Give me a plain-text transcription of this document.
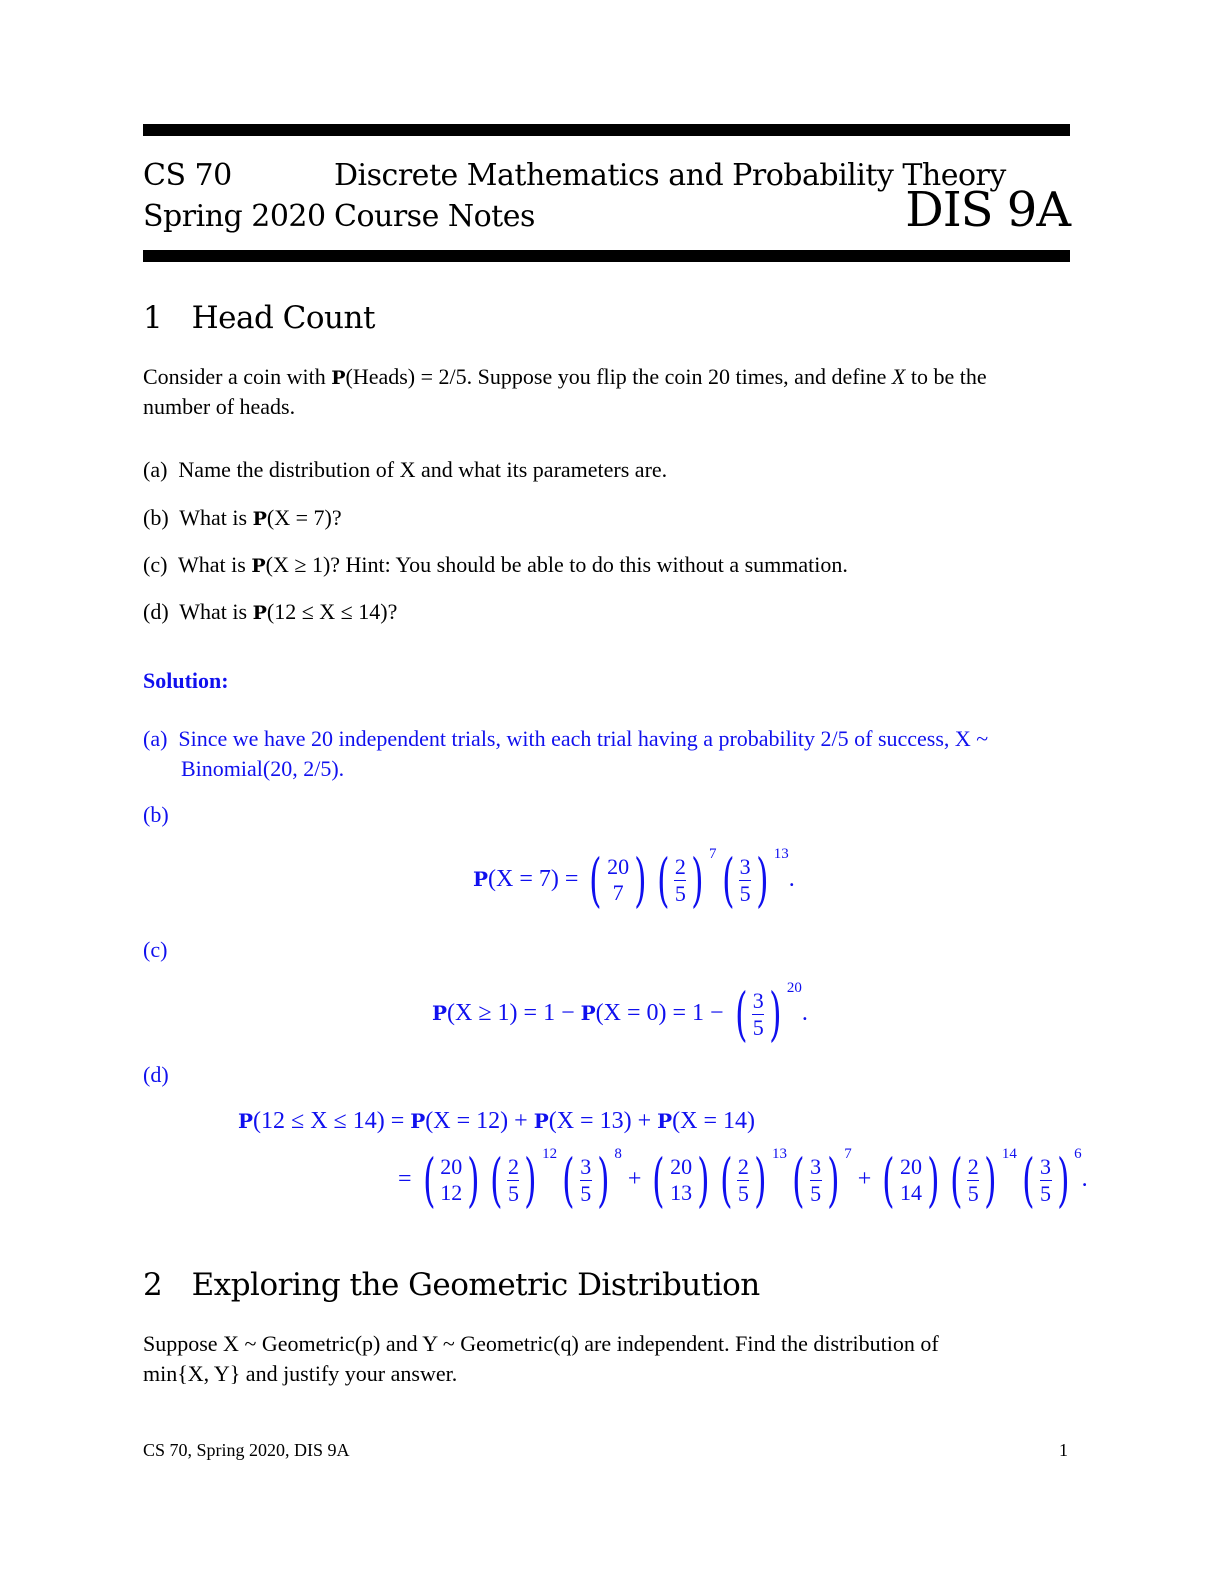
CS 70
Spring 2020
Discrete Mathematics and Probability Theory
Course Notes	DIS 9A
1 Head Count
Consider a coin with P(Heads) = 2/5. Suppose you flip the coin 20 times, and define X to be the
number of heads.
(a) Name the distribution of X and what its parameters are.
(b) What is P(X = 7)?
(c) What is P(X ≥ 1)? Hint: You should be able to do this without a summation.
(d) What is P(12 ≤ X ≤ 14)?
Solution:
(a) Since we have 20 independent trials, with each trial having a probability 2/5 of success, X ~
Binomial(20, 2/5).
(b)
P(X = 7) = ( 20
7 ) ( 2
5 ) $^7$ ( 3
5 ) $^{13}$.
(c)
P(X ≥ 1) = 1 − P(X = 0) = 1 − ( 3
5 ) $^{20}$.
(d)
P(12 ≤ X ≤ 14) = P(X = 12) + P(X = 13) + P(X = 14)
= ( 20
12 ) ( 2
5 ) $^{12}$ ( 3
5 ) $^8$ + ( 20
13 ) ( 2
5 ) $^{13}$ ( 3
5 ) $^7$ + ( 20
14 ) ( 2
5 ) $^{14}$ ( 3
5 ) $^6$.
2 Exploring the Geometric Distribution
Suppose X ~ Geometric(p) and Y ~ Geometric(q) are independent. Find the distribution of
min{X, Y} and justify your answer.
CS 70, Spring 2020, DIS 9A	1
